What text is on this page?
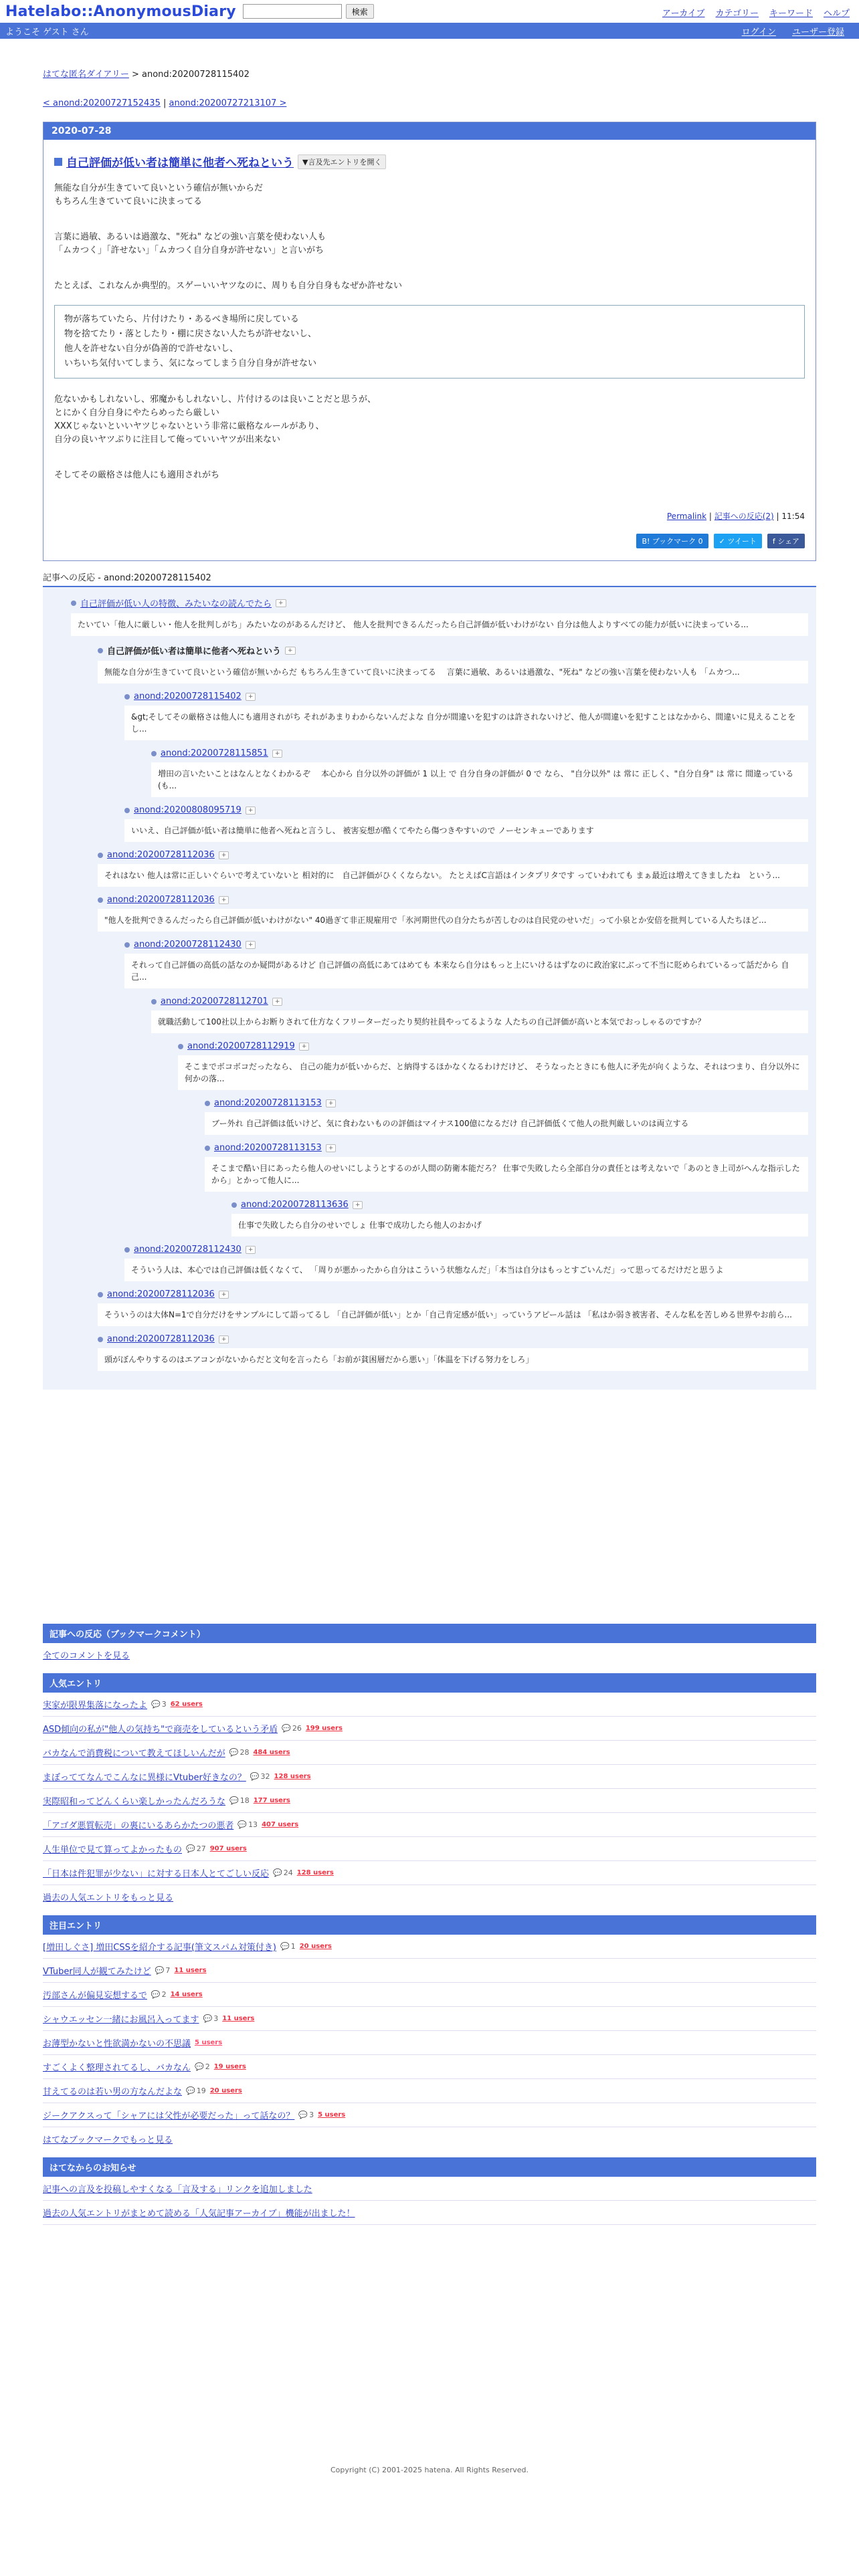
Hatelabo::AnonymousDiary	検索	アーカイブ カテゴリー キーワード ヘルプ
ようこそ ゲスト さん	ログイン ユーザー登録
はてな匿名ダイアリー > anond:20200728115402
< anond:20200727152435 | anond:20200727213107 >
2020-07-28
自己評価が低い者は簡単に他者へ死ねという	▼言及先エントリを開く

無能な自分が生きていて良いという確信が無いからだ
もちろん生きていて良いに決まってる

言葉に過敏、あるいは過激な、"死ね" などの強い言葉を使わない人も
「ムカつく」「許せない」「ムカつく自分自身が許せない」と言いがち

たとえば、これなんか典型的。スゲーいいヤツなのに、周りも自分自身もなぜか許せない

物が落ちていたら、片付けたり・あるべき場所に戻している
物を捨てたり・落としたり・棚に戻さない人たちが許せないし、
他人を許せない自分が偽善的で許せないし、
いちいち気付いてしまう、気になってしまう自分自身が許せない

危ないかもしれないし、邪魔かもしれないし、片付けるのは良いことだと思うが、
とにかく自分自身にやたらめったら厳しい
XXXじゃないといいヤツじゃないという非常に厳格なルールがあり、
自分の良いヤツぶりに注目して俺っていいヤツが出来ない

そしてその厳格さは他人にも適用されがち

Permalink | 記事への反応(2) | 11:54
B! ブックマーク 0	✓ ツイート	f シェア
記事への反応 - anond:20200728115402
自己評価が低い人の特徴、みたいなの読んでたら	+
たいてい「他人に厳しい・他人を批判しがち」みたいなのがあるんだけど、 他人を批判できるんだったら自己評価が低いわけがない 自分は他人よりすべての能力が低いに決まっている...
自己評価が低い者は簡単に他者へ死ねという	+
無能な自分が生きていて良いという確信が無いからだ もちろん生きていて良いに決まってる　 言葉に過敏、あるいは過激な、"死ね" などの強い言葉を使わない人も 「ムカつ...
anond:20200728115402	+
&gt;そしてその厳格さは他人にも適用されがち それがあまりわからないんだよな 自分が間違いを犯すのは許されないけど、他人が間違いを犯すことはなかから、間違いに見えることをし...
anond:20200728115851	+
増田の言いたいことはなんとなくわかるぞ　 本心から 自分以外の評価が 1 以上 で 自分自身の評価が 0 で なら、 "自分以外" は 常に 正しく、"自分自身" は 常に 間違っている(も...
anond:20200808095719	+
いいえ、自己評価が低い者は簡単に他者へ死ねと言うし、 被害妄想が酷くてやたら傷つきやすいので ノーセンキューであります
anond:20200728112036	+
それはない 他人は常に正しいぐらいで考えていないと 相対的に　自己評価がひくくならない。 たとえばC言語はインタプリタです っていわれても まぁ最近は増えてきましたね　という...
anond:20200728112036	+
"他人を批判できるんだったら自己評価が低いわけがない" 40過ぎて非正規雇用で「氷河期世代の自分たちが苦しむのは自民党のせいだ」って小泉とか安倍を批判している人たちほど...
anond:20200728112430	+
それって自己評価の高低の話なのか疑問があるけど 自己評価の高低にあてはめても 本来なら自分はもっと上にいけるはずなのに政治家にぶって不当に貶められているって話だから 自己...
anond:20200728112701	+
就職活動して100社以上からお断りされて仕方なくフリーターだったり契約社員やってるような 人たちの自己評価が高いと本気でおっしゃるのですか？
anond:20200728112919	+
そこまでボコボコだったなら、 自己の能力が低いからだ、と納得するほかなくなるわけだけど、 そうなったときにも他人に矛先が向くような、それはつまり、自分以外に何かの落...
anond:20200728113153	+
ブー外れ 自己評価は低いけど、気に食わないものの評価はマイナス100億になるだけ 自己評価低くて他人の批判厳しいのは両立する
anond:20200728113153	+
そこまで酷い目にあったら他人のせいにしようとするのが人間の防衛本能だろ？ 仕事で失敗したら全部自分の責任とは考えないで「あのとき上司がへんな指示したから」とかって他人に...
anond:20200728113636	+
仕事で失敗したら自分のせいでしょ 仕事で成功したら他人のおかげ
anond:20200728112430	+
そういう人は、本心では自己評価は低くなくて、 「周りが悪かったから自分はこういう状態なんだ」「本当は自分はもっとすごいんだ」って思ってるだけだと思うよ
anond:20200728112036	+
そういうのは大体N=1で自分だけをサンプルにして語ってるし 「自己評価が低い」とか「自己肯定感が低い」っていうアピール話は 「私はか弱き被害者、そんな私を苦しめる世界やお前ら...
anond:20200728112036	+
頭がぼんやりするのはエアコンがないからだと文句を言ったら「お前が貧困層だから悪い」「体温を下げる努力をしろ」
記事への反応（ブックマークコメント）
全てのコメントを見る
人気エントリ
実家が限界集落になったよ 💬 3 62 users
ASD傾向の私が"他人の気持ち"で商売をしているという矛盾 💬 26 199 users
バカなんで消費税について教えてほしいんだが 💬 28 484 users
まぼっててなんでこんなに異様にVtuber好きなの？ 💬 32 128 users
実際昭和ってどんくらい楽しかったんだろうな 💬 18 177 users
「アゴダ悪質転売」の裏にいるあらかたつの悪者 💬 13 407 users
人生単位で見て算ってよかったもの 💬 27 907 users
「日本は件犯罪が少ない」に対する日本人とてごしい反応 💬 24 128 users
過去の人気エントリをもっと見る
注目エントリ
[増田しぐさ] 増田CSSを紹介する記事(筆文スパム対策付き) 💬 1 20 users
VTuber同人が観てみたけど 💬 7 11 users
汚部さんが偏見妄想するで 💬 2 14 users
シャウエッセン一緒にお風呂入ってます 💬 3 11 users
お薄型かないと性欲満かないの不思議 5 users
すごくよく整理されてるし、バカなん 💬 2 19 users
甘えてるのは若い男の方なんだよな 💬 19 20 users
ジークアクスって「シャアには父性が必要だった」って話なの？ 💬 3 5 users
はてなブックマークでもっと見る
はてなからのお知らせ
記事への言及を投稿しやすくなる「言及する」リンクを追加しました
過去の人気エントリがまとめて読める「人気記事アーカイブ」機能が出ました！
Copyright (C) 2001-2025 hatena. All Rights Reserved.
